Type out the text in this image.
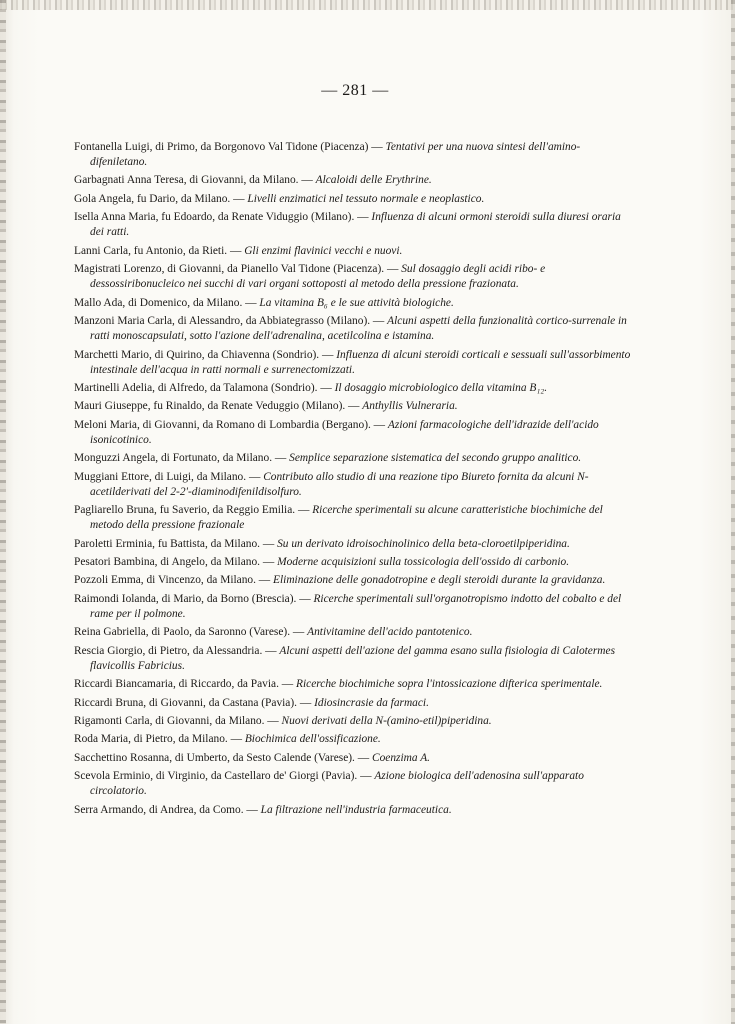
— 281 —

Fontanella Luigi, di Primo, da Borgonovo Val Tidone (Piacenza) — Tentativi per una nuova sintesi dell'amino-difeniletano.

Garbagnati Anna Teresa, di Giovanni, da Milano. — Alcaloidi delle Erythrine.

Gola Angela, fu Dario, da Milano. — Livelli enzimatici nel tessuto normale e neoplastico.

Isella Anna Maria, fu Edoardo, da Renate Viduggio (Milano). — Influenza di alcuni ormoni steroidi sulla diuresi oraria dei ratti.

Lanni Carla, fu Antonio, da Rieti. — Gli enzimi flavinici vecchi e nuovi.

Magistrati Lorenzo, di Giovanni, da Pianello Val Tidone (Piacenza). — Sul dosaggio degli acidi ribo- e dessossiribonucleico nei succhi di vari organi sottoposti al metodo della pressione frazionata.

Mallo Ada, di Domenico, da Milano. — La vitamina B₆ e le sue attività biologiche.

Manzoni Maria Carla, di Alessandro, da Abbiategrasso (Milano). — Alcuni aspetti della funzionalità cortico-surrenale in ratti monoscapsulati, sotto l'azione dell'adrenalina, acetilcolina e istamina.

Marchetti Mario, di Quirino, da Chiavenna (Sondrio). — Influenza di alcuni steroidi corticali e sessuali sull'assorbimento intestinale dell'acqua in ratti normali e surrenectomizzati.

Martinelli Adelia, di Alfredo, da Talamona (Sondrio). — Il dosaggio microbiologico della vitamina B₁₂.

Mauri Giuseppe, fu Rinaldo, da Renate Veduggio (Milano). — Anthyllis Vulneraria.

Meloni Maria, di Giovanni, da Romano di Lombardia (Bergano). — Azioni farmacologiche dell'idrazide dell'acido isonicotinico.

Monguzzi Angela, di Fortunato, da Milano. — Semplice separazione sistematica del secondo gruppo analitico.

Muggiani Ettore, di Luigi, da Milano. — Contributo allo studio di una reazione tipo Biureto fornita da alcuni N-acetilderivati del 2-2'-diaminodifenildisolfuro.

Pagliarello Bruna, fu Saverio, da Reggio Emilia. — Ricerche sperimentali su alcune caratteristiche biochimiche del metodo della pressione frazionale

Paroletti Erminia, fu Battista, da Milano. — Su un derivato idroisochinolinico della beta-cloroetilpiperidina.

Pesatori Bambina, di Angelo, da Milano. — Moderne acquisizioni sulla tossicologia dell'ossido di carbonio.

Pozzoli Emma, di Vincenzo, da Milano. — Eliminazione delle gonadotropine e degli steroidi durante la gravidanza.

Raimondi Iolanda, di Mario, da Borno (Brescia). — Ricerche sperimentali sull'organotropismo indotto del cobalto e del rame per il polmone.

Reina Gabriella, di Paolo, da Saronno (Varese). — Antivitamine dell'acido pantotenico.

Rescia Giorgio, di Pietro, da Alessandria. — Alcuni aspetti dell'azione del gamma esano sulla fisiologia di Calotermes flavicollis Fabricius.

Riccardi Biancamaria, di Riccardo, da Pavia. — Ricerche biochimiche sopra l'intossicazione difterica sperimentale.

Riccardi Bruna, di Giovanni, da Castana (Pavia). — Idiosincrasie da farmaci.

Rigamonti Carla, di Giovanni, da Milano. — Nuovi derivati della N-(amino-etil)piperidina.

Roda Maria, di Pietro, da Milano. — Biochimica dell'ossificazione.

Sacchettino Rosanna, di Umberto, da Sesto Calende (Varese). — Coenzima A.

Scevola Erminio, di Virginio, da Castellaro de' Giorgi (Pavia). — Azione biologica dell'adenosina sull'apparato circolatorio.

Serra Armando, di Andrea, da Como. — La filtrazione nell'industria farmaceutica.
